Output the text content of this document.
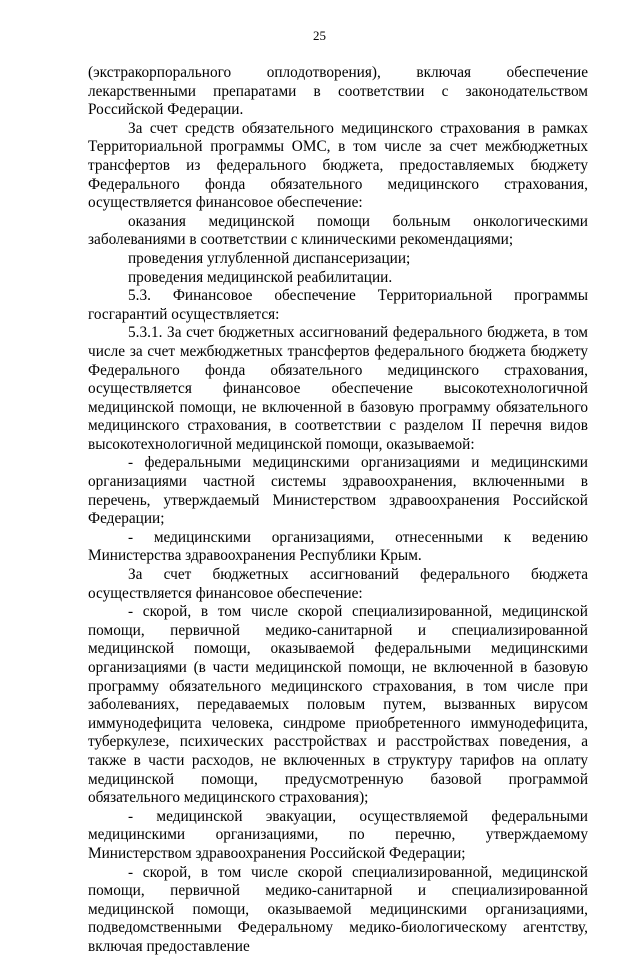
25

(экстракорпорального оплодотворения), включая обеспечение лекарственными препаратами в соответствии с законодательством Российской Федерации.

За счет средств обязательного медицинского страхования в рамках Территориальной программы ОМС, в том числе за счет межбюджетных трансфертов из федерального бюджета, предоставляемых бюджету Федерального фонда обязательного медицинского страхования, осуществляется финансовое обеспечение:

оказания медицинской помощи больным онкологическими заболеваниями в соответствии с клиническими рекомендациями;

проведения углубленной диспансеризации;

проведения медицинской реабилитации.

5.3. Финансовое обеспечение Территориальной программы госгарантий осуществляется:

5.3.1. За счет бюджетных ассигнований федерального бюджета, в том числе за счет межбюджетных трансфертов федерального бюджета бюджету Федерального фонда обязательного медицинского страхования, осуществляется финансовое обеспечение высокотехнологичной медицинской помощи, не включенной в базовую программу обязательного медицинского страхования, в соответствии с разделом II перечня видов высокотехнологичной медицинской помощи, оказываемой:

- федеральными медицинскими организациями и медицинскими организациями частной системы здравоохранения, включенными в перечень, утверждаемый Министерством здравоохранения Российской Федерации;

- медицинскими организациями, отнесенными к ведению Министерства здравоохранения Республики Крым.

За счет бюджетных ассигнований федерального бюджета осуществляется финансовое обеспечение:

- скорой, в том числе скорой специализированной, медицинской помощи, первичной медико-санитарной и специализированной медицинской помощи, оказываемой федеральными медицинскими организациями (в части медицинской помощи, не включенной в базовую программу обязательного медицинского страхования, в том числе при заболеваниях, передаваемых половым путем, вызванных вирусом иммунодефицита человека, синдроме приобретенного иммунодефицита, туберкулезе, психических расстройствах и расстройствах поведения, а также в части расходов, не включенных в структуру тарифов на оплату медицинской помощи, предусмотренную базовой программой обязательного медицинского страхования);

- медицинской эвакуации, осуществляемой федеральными медицинскими организациями, по перечню, утверждаемому Министерством здравоохранения Российской Федерации;

- скорой, в том числе скорой специализированной, медицинской помощи, первичной медико-санитарной и специализированной медицинской помощи, оказываемой медицинскими организациями, подведомственными Федеральному медико-биологическому агентству, включая предоставление
